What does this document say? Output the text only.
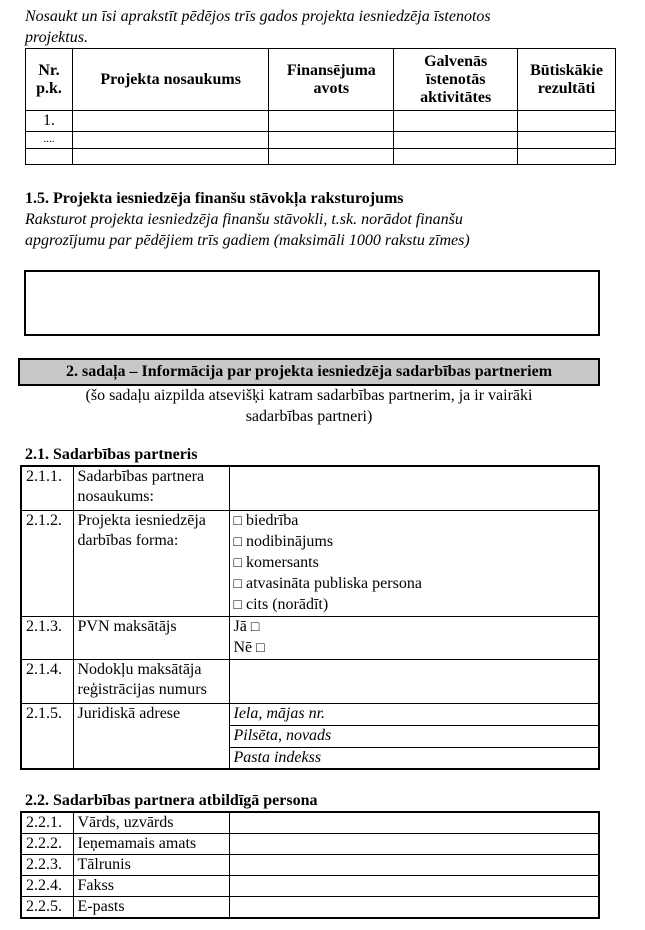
Nosaukt un īsi aprakstīt pēdējos trīs gados projekta iesniedzēja īstenotos
projektus.
Nr. p.k.	Projekta nosaukums	Finansējuma avots	Galvenās īstenotās aktivitātes	Būtiskākie rezultāti
1.				
....				

1.5. Projekta iesniedzēja finanšu stāvokļa raksturojums
Raksturot projekta iesniedzēja finanšu stāvokli, t.sk. norādot finanšu
apgrozījumu par pēdējiem trīs gadiem (maksimāli 1000 rakstu zīmes)
2. sadaļa – Informācija par projekta iesniedzēja sadarbības partneriem
(šo sadaļu aizpilda atsevišķi katram sadarbības partnerim, ja ir vairāki
sadarbības partneri)
2.1. Sadarbības partneris
2.1.1.	Sadarbības partnera nosaukums:	
2.1.2.	Projekta iesniedzēja darbības forma:	□ biedrība
□ nodibinājums
□ komersants
□ atvasināta publiska persona
□ cits (norādīt)

2.1.3.	PVN maksātājs	Jā □
Nē □

2.1.4.	Nodokļu maksātāja reģistrācijas numurs	
2.1.5.	Juridiskā adrese	Iela, mājas nr.
		Pilsēta, novads
		Pasta indekss
2.2. Sadarbības partnera atbildīgā persona
2.2.1.	Vārds, uzvārds	
2.2.2.	Ieņemamais amats	
2.2.3.	Tālrunis	
2.2.4.	Fakss	
2.2.5.	E-pasts	
